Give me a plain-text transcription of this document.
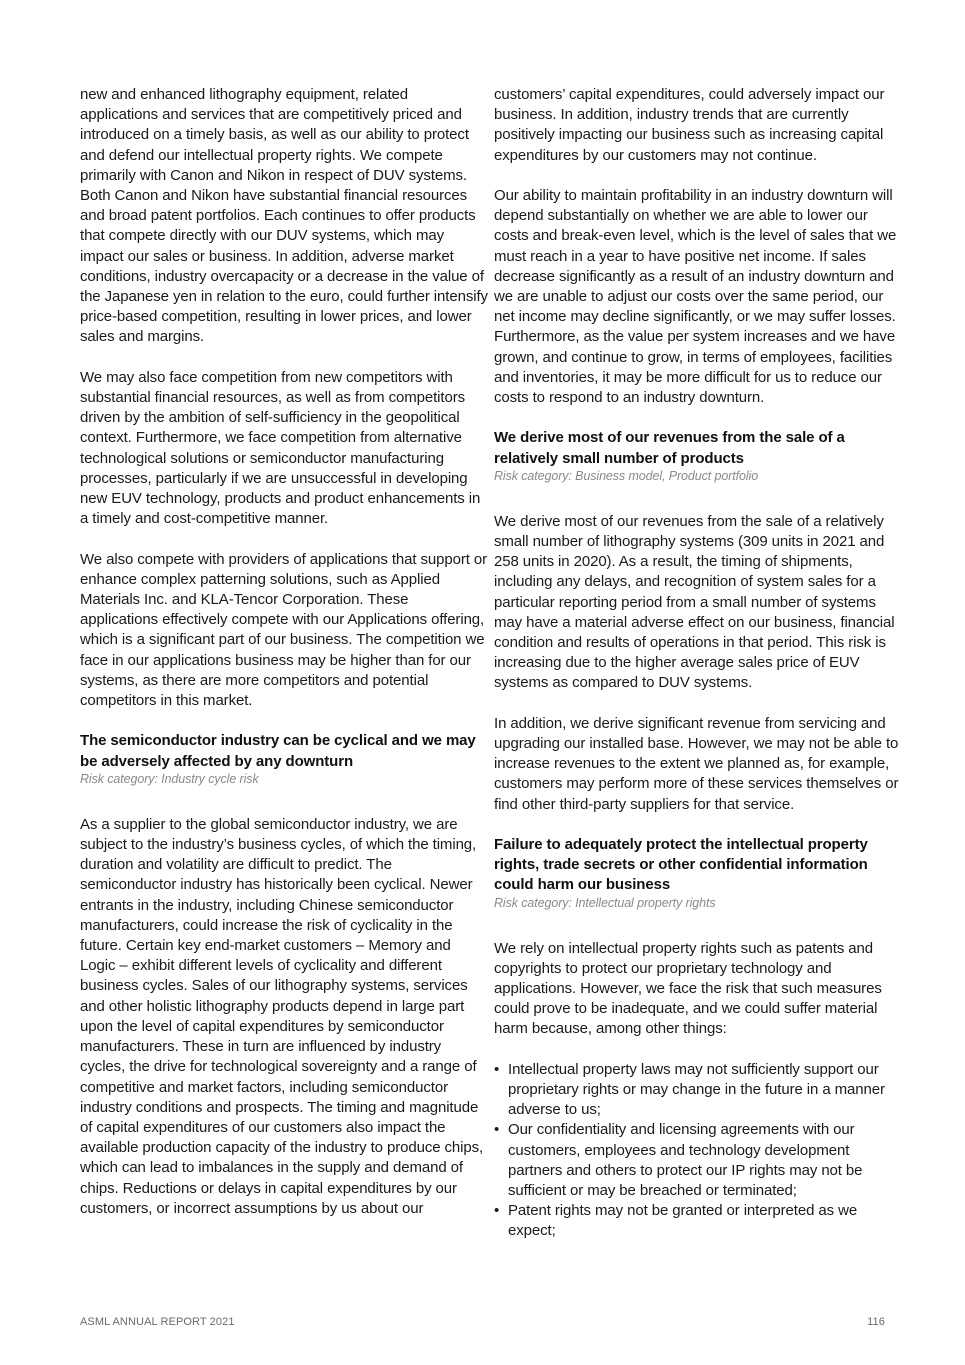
new and enhanced lithography equipment, related applications and services that are competitively priced and introduced on a timely basis, as well as our ability to protect and defend our intellectual property rights. We compete primarily with Canon and Nikon in respect of DUV systems. Both Canon and Nikon have substantial financial resources and broad patent portfolios. Each continues to offer products that compete directly with our DUV systems, which may impact our sales or business. In addition, adverse market conditions, industry overcapacity or a decrease in the value of the Japanese yen in relation to the euro, could further intensify price-based competition, resulting in lower prices, and lower sales and margins.

We may also face competition from new competitors with substantial financial resources, as well as from competitors driven by the ambition of self-sufficiency in the geopolitical context. Furthermore, we face competition from alternative technological solutions or semiconductor manufacturing processes, particularly if we are unsuccessful in developing new EUV technology, products and product enhancements in a timely and cost-competitive manner.

We also compete with providers of applications that support or enhance complex patterning solutions, such as Applied Materials Inc. and KLA-Tencor Corporation. These applications effectively compete with our Applications offering, which is a significant part of our business. The competition we face in our applications business may be higher than for our systems, as there are more competitors and potential competitors in this market.

The semiconductor industry can be cyclical and we may be adversely affected by any downturn
Risk category: Industry cycle risk

As a supplier to the global semiconductor industry, we are subject to the industry’s business cycles, of which the timing, duration and volatility are difficult to predict. The semiconductor industry has historically been cyclical. Newer entrants in the industry, including Chinese semiconductor manufacturers, could increase the risk of cyclicality in the future. Certain key end-market customers – Memory and Logic – exhibit different levels of cyclicality and different business cycles. Sales of our lithography systems, services and other holistic lithography products depend in large part upon the level of capital expenditures by semiconductor manufacturers. These in turn are influenced by industry cycles, the drive for technological sovereignty and a range of competitive and market factors, including semiconductor industry conditions and prospects. The timing and magnitude of capital expenditures of our customers also impact the available production capacity of the industry to produce chips, which can lead to imbalances in the supply and demand of chips. Reductions or delays in capital expenditures by our customers, or incorrect assumptions by us about our

customers’ capital expenditures, could adversely impact our business. In addition, industry trends that are currently positively impacting our business such as increasing capital expenditures by our customers may not continue.

Our ability to maintain profitability in an industry downturn will depend substantially on whether we are able to lower our costs and break-even level, which is the level of sales that we must reach in a year to have positive net income. If sales decrease significantly as a result of an industry downturn and we are unable to adjust our costs over the same period, our net income may decline significantly, or we may suffer losses. Furthermore, as the value per system increases and we have grown, and continue to grow, in terms of employees, facilities and inventories, it may be more difficult for us to reduce our costs to respond to an industry downturn.

We derive most of our revenues from the sale of a relatively small number of products
Risk category: Business model, Product portfolio

We derive most of our revenues from the sale of a relatively small number of lithography systems (309 units in 2021 and 258 units in 2020). As a result, the timing of shipments, including any delays, and recognition of system sales for a particular reporting period from a small number of systems may have a material adverse effect on our business, financial condition and results of operations in that period. This risk is increasing due to the higher average sales price of EUV systems as compared to DUV systems.

In addition, we derive significant revenue from servicing and upgrading our installed base. However, we may not be able to increase revenues to the extent we planned as, for example, customers may perform more of these services themselves or find other third-party suppliers for that service.

Failure to adequately protect the intellectual property rights, trade secrets or other confidential information could harm our business
Risk category: Intellectual property rights

We rely on intellectual property rights such as patents and copyrights to protect our proprietary technology and applications. However, we face the risk that such measures could prove to be inadequate, and we could suffer material harm because, among other things:

• Intellectual property laws may not sufficiently support our proprietary rights or may change in the future in a manner adverse to us;
• Our confidentiality and licensing agreements with our customers, employees and technology development partners and others to protect our IP rights may not be sufficient or may be breached or terminated;
• Patent rights may not be granted or interpreted as we expect;
ASML ANNUAL REPORT 2021	116
